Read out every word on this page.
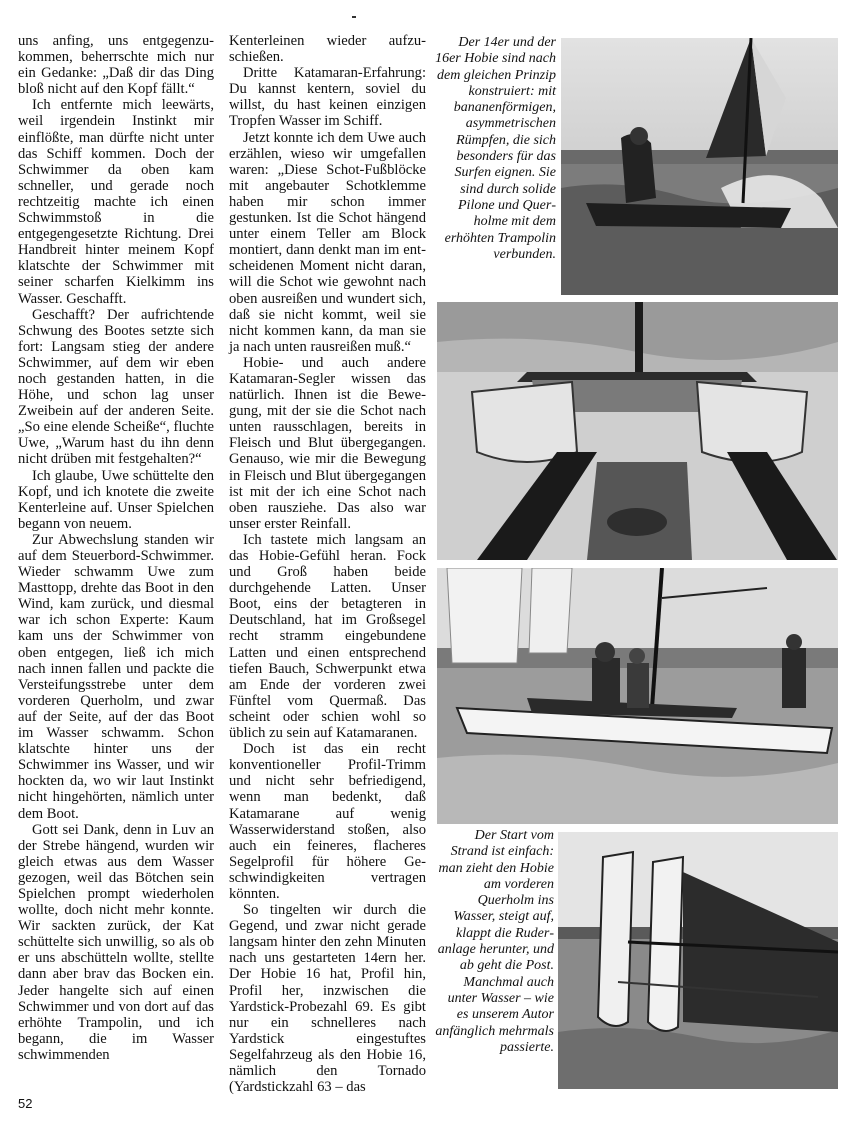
uns anfing, uns entgegenzukommen, beherrschte mich nur ein Gedanke: „Daß dir das Ding bloß nicht auf den Kopf fällt.“

Ich entfernte mich leewärts, weil irgendein Instinkt mir einflößte, man dürfte nicht unter das Schiff kommen. Doch der Schwimmer da oben kam schneller, und gerade noch rechtzeitig machte ich einen Schwimmstoß in die entgegengesetzte Richtung. Drei Handbreit hinter meinem Kopf klatschte der Schwimmer mit seiner scharfen Kielkimm ins Wasser. Geschafft.

Geschafft? Der aufrichtende Schwung des Bootes setzte sich fort: Langsam stieg der andere Schwimmer, auf dem wir eben noch gestanden hatten, in die Höhe, und schon lag unser Zweibein auf der anderen Seite. „So eine elende Scheiße“, fluchte Uwe, „Warum hast du ihn denn nicht drüben mit festgehalten?“

Ich glaube, Uwe schüttelte den Kopf, und ich knotete die zweite Kenterleine auf. Unser Spielchen begann von neuem.

Zur Abwechslung standen wir auf dem Steuerbord-Schwimmer. Wieder schwamm Uwe zum Masttopp, drehte das Boot in den Wind, kam zurück, und diesmal war ich schon Experte: Kaum kam uns der Schwimmer von oben entgegen, ließ ich mich nach innen fallen und packte die Versteifungsstrebe unter dem vorderen Querholm, und zwar auf der Seite, auf der das Boot im Wasser schwamm. Schon klatschte hinter uns der Schwimmer ins Wasser, und wir hockten da, wo wir laut Instinkt nicht hingehörten, nämlich unter dem Boot.

Gott sei Dank, denn in Luv an der Strebe hängend, wurden wir gleich etwas aus dem Wasser gezogen, weil das Bötchen sein Spielchen prompt wiederholen wollte, doch nicht mehr konnte. Wir sackten zurück, der Kat schüttelte sich unwillig, so als ob er uns abschütteln wollte, stellte dann aber brav das Bocken ein. Jeder hangelte sich auf einen Schwimmer und von dort auf das erhöhte Trampolin, und ich begann, die im Wasser schwimmenden

Kenterleinen wieder aufzuschießen.

Dritte Katamaran-Erfahrung: Du kannst kentern, soviel du willst, du hast keinen einzigen Tropfen Wasser im Schiff.

Jetzt konnte ich dem Uwe auch erzählen, wieso wir umgefallen waren: „Diese Schot-Fußblöcke mit angebauter Schotklemme haben mir schon immer gestunken. Ist die Schot hängend unter einem Teller am Block montiert, dann denkt man im entscheidenen Moment nicht daran, will die Schot wie gewohnt nach oben ausreißen und wundert sich, daß sie nicht kommt, weil sie nicht kommen kann, da man sie ja nach unten rausreißen muß.“

Hobie- und auch andere Katamaran-Segler wissen das natürlich. Ihnen ist die Bewegung, mit der sie die Schot nach unten rausschlagen, bereits in Fleisch und Blut übergegangen. Genauso, wie mir die Bewegung in Fleisch und Blut übergegangen ist mit der ich eine Schot nach oben rausziehe. Das also war unser erster Reinfall.

Ich tastete mich langsam an das Hobie-Gefühl heran. Fock und Groß haben beide durchgehende Latten. Unser Boot, eins der betagteren in Deutschland, hat im Großsegel recht stramm eingebundene Latten und einen entsprechend tiefen Bauch, Schwerpunkt etwa am Ende der vorderen zwei Fünftel vom Quermaß. Das scheint oder schien wohl so üblich zu sein auf Katamaranen.

Doch ist das ein recht konventioneller Profil-Trimm und nicht sehr befriedigend, wenn man bedenkt, daß Katamarane auf wenig Wasserwiderstand stoßen, also auch ein feineres, flacheres Segelprofil für höhere Geschwindigkeiten vertragen könnten.

So tingelten wir durch die Gegend, und zwar nicht gerade langsam hinter den zehn Minuten nach uns gestarteten 14ern her. Der Hobie 16 hat, Profil hin, Profil her, inzwischen die Yardstick-Probezahl 69. Es gibt nur ein schnelleres nach Yardstick eingestuftes Segelfahrzeug als den Hobie 16, nämlich den Tornado (Yardstickzahl 63 – das

Der 14er und der 16er Hobie sind nach dem gleichen Prinzip konstruiert: mit bananenförmigen, asymmetrischen Rümpfen, die sich besonders für das Surfen eignen. Sie sind durch solide Pilone und Querholme mit dem erhöhten Trampolin verbunden.
Der Start vom Strand ist einfach: man zieht den Hobie am vorderen Querholm ins Wasser, steigt auf, klappt die Ruderanlage herunter, und ab geht die Post. Manchmal auch unter Wasser – wie es unserem Autor anfänglich mehrmals passierte.
52
